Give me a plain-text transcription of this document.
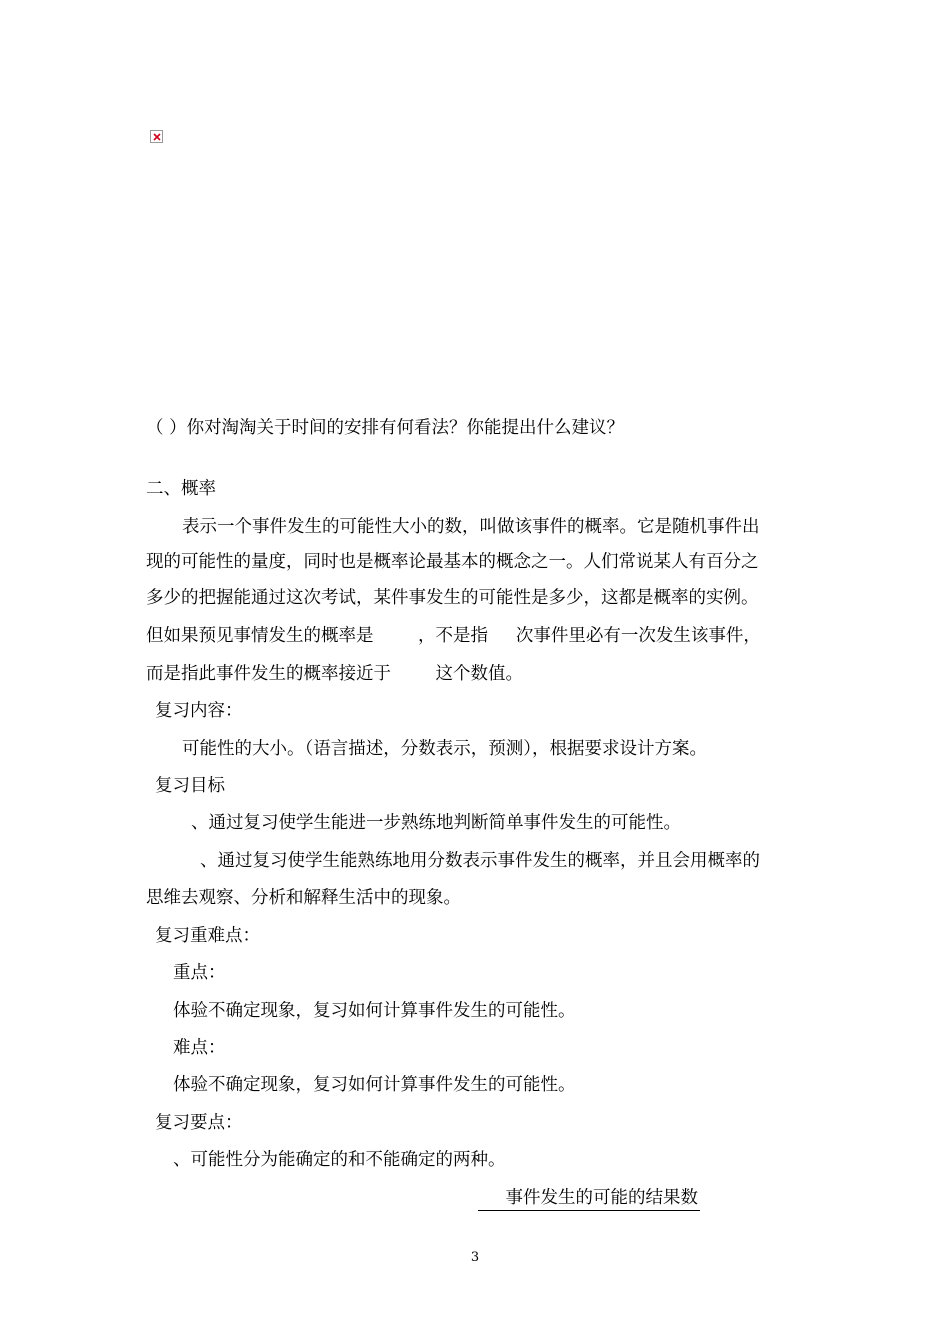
（ ）你对淘淘关于时间的安排有何看法？你能提出什么建议？
二、概率
表示一个事件发生的可能性大小的数，叫做该事件的概率。它是随机事件出
现的可能性的量度，同时也是概率论最基本的概念之一。人们常说某人有百分之
多少的把握能通过这次考试，某件事发生的可能性是多少，这都是概率的实例。
但如果预见事情发生的概率是        ，不是指     次事件里必有一次发生该事件，
而是指此事件发生的概率接近于        这个数值。
复习内容：
可能性的大小。（语言描述，分数表示，预测），根据要求设计方案。
复习目标
、通过复习使学生能进一步熟练地判断简单事件发生的可能性。
、通过复习使学生能熟练地用分数表示事件发生的概率，并且会用概率的
思维去观察、分析和解释生活中的现象。
复习重难点：
重点：
体验不确定现象，复习如何计算事件发生的可能性。
难点：
体验不确定现象，复习如何计算事件发生的可能性。
复习要点：
、可能性分为能确定的和不能确定的两种。
事件发生的可能的结果数
3
